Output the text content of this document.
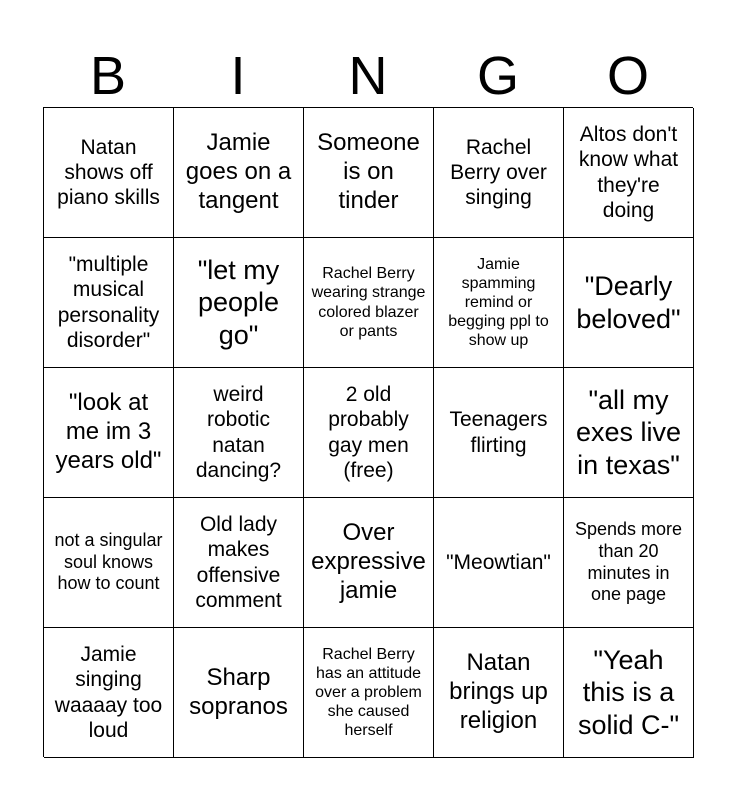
B	I	N	G	O
Natan shows off piano skills
Jamie goes on a tangent
Someone is on tinder
Rachel Berry over singing
Altos don't know what they're doing
"multiple musical personality disorder"
"let my people go"
Rachel Berry wearing strange colored blazer or pants
Jamie spamming remind or begging ppl to show up
"Dearly beloved"
"look at me im 3 years old"
weird robotic natan dancing?
2 old probably gay men (free)
Teenagers flirting
"all my exes live in texas"
not a singular soul knows how to count
Old lady makes offensive comment
Over expressive jamie
"Meowtian"
Spends more than 20 minutes in one page
Jamie singing waaaay too loud
Sharp sopranos
Rachel Berry has an attitude over a problem she caused herself
Natan brings up religion
"Yeah this is a solid C-"
